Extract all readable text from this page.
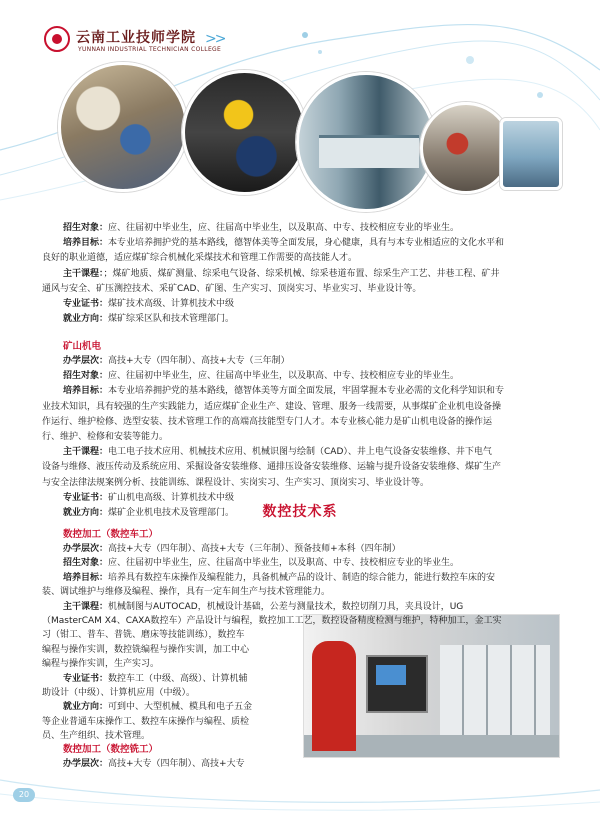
云南工业技师学院
YUNNAN INDUSTRIAL TECHNICIAN COLLEGE
>>
矿山机电
数控技术系
数控加工（数控车工）
数控加工（数控铣工）
20
招生对象：应、往届初中毕业生，应、往届高中毕业生，以及职高、中专、技校相应专业的毕业生。
培养目标：本专业培养拥护党的基本路线，德智体美等全面发展，身心健康，具有与本专业相适应的文化水平和
良好的职业道德，适应煤矿综合机械化采煤技术和管理工作需要的高技能人才。
主干课程：；煤矿地质、煤矿测量、综采电气设备、综采机械、综采巷道布置、综采生产工艺、井巷工程、矿井
通风与安全、矿压测控技术、采矿CAD、矿图、生产实习、顶岗实习、毕业实习、毕业设计等。
专业证书：煤矿技术高级、计算机技术中级
就业方向：煤矿综采区队和技术管理部门。
办学层次：高技+大专（四年制）、高技+大专（三年制）
招生对象：应、往届初中毕业生，应、往届高中毕业生，以及职高、中专、技校相应专业的毕业生。
培养目标：本专业培养拥护党的基本路线，德智体美等方面全面发展，牢固掌握本专业必需的文化科学知识和专
业技术知识，具有较强的生产实践能力，适应煤矿企业生产、建设、管理、服务一线需要，从事煤矿企业机电设备操
作运行、维护检修、选型安装、技术管理工作的高端高技能型专门人才。本专业核心能力是矿山机电设备的操作运
行、维护、检修和安装等能力。
主干课程：电工电子技术应用、机械技术应用、机械识图与绘制（CAD）、井上电气设备安装维修、井下电气
设备与维修、液压传动及系统应用、采掘设备安装维修、通排压设备安装维修、运输与提升设备安装维修、煤矿生产
与安全法律法规案例分析、技能训练、课程设计、实岗实习、生产实习、顶岗实习、毕业设计等。
专业证书：矿山机电高级、计算机技术中级
就业方向：煤矿企业机电技术及管理部门。
办学层次：高技+大专（四年制）、高技+大专（三年制）、预备技师+本科（四年制）
招生对象：应、往届初中毕业生，应、往届高中毕业生，以及职高、中专、技校相应专业的毕业生。
培养目标：培养具有数控车床操作及编程能力，具备机械产品的设计、制造的综合能力，能进行数控车床的安
装、调试维护与维修及编程、操作，具有一定车间生产与技术管理能力。
主干课程：机械制图与AUTOCAD，机械设计基础，公差与测量技术，数控切削刀具，夹具设计，UG
（MasterCAM X4、CAXA数控车）产品设计与编程，数控加工工艺，数控设备精度检测与维护，特种加工，金工实
习（钳工、普车、普铣、磨床等技能训练），数控车
编程与操作实训，数控铣编程与操作实训，加工中心
编程与操作实训，生产实习。
专业证书：数控车工（中级、高级）、计算机辅
助设计（中级）、计算机应用（中级）。
就业方向：可到中、大型机械、模具和电子五金
等企业普通车床操作工、数控车床操作与编程、质检
员、生产组织、技术管理。
办学层次：高技+大专（四年制）、高技+大专
